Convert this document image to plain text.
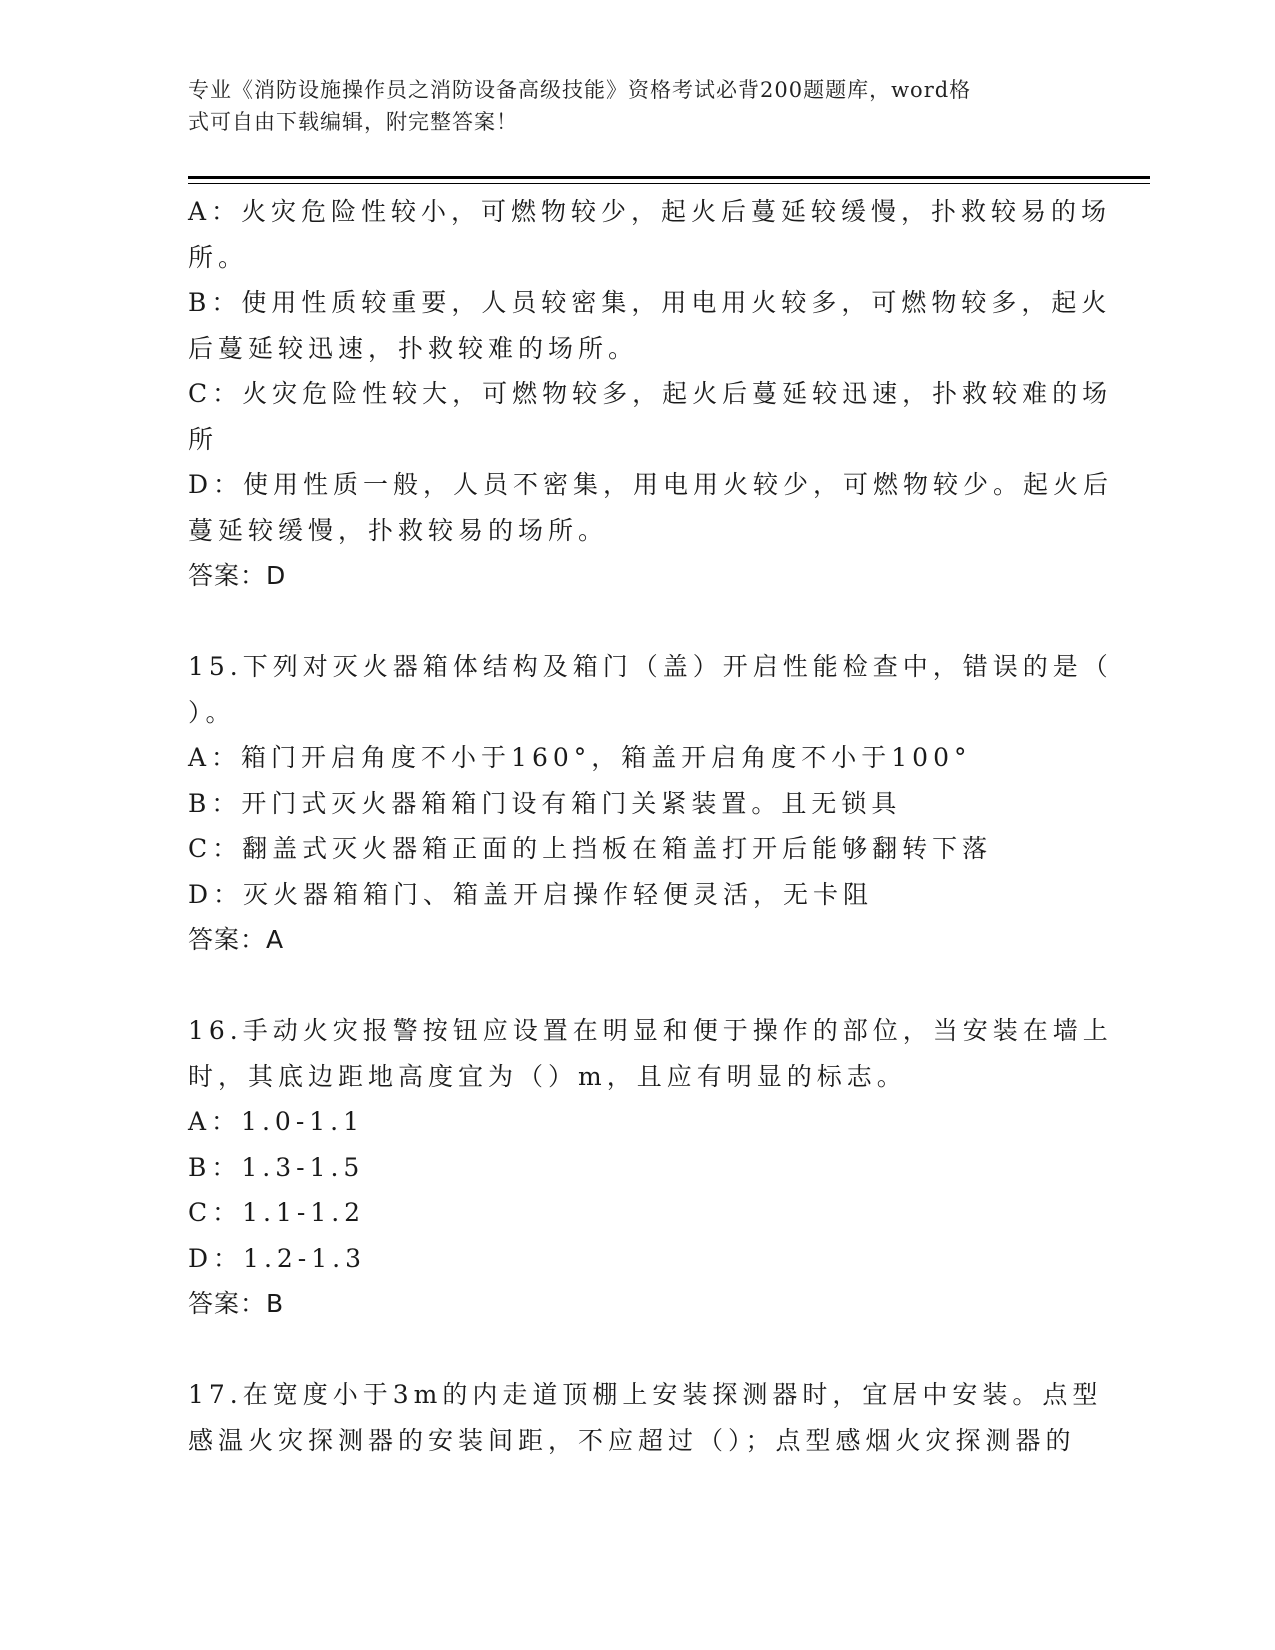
专业《消防设施操作员之消防设备高级技能》资格考试必背200题题库，word格
式可自由下载编辑，附完整答案！
A：火灾危险性较小，可燃物较少，起火后蔓延较缓慢，扑救较易的场
所。
B：使用性质较重要，人员较密集，用电用火较多，可燃物较多，起火
后蔓延较迅速，扑救较难的场所。
C：火灾危险性较大，可燃物较多，起火后蔓延较迅速，扑救较难的场
所
D：使用性质一般，人员不密集，用电用火较少，可燃物较少。起火后
蔓延较缓慢，扑救较易的场所。
答案：D
15.下列对灭火器箱体结构及箱门（盖）开启性能检查中，错误的是（
）。
A：箱门开启角度不小于160°，箱盖开启角度不小于100°
B：开门式灭火器箱箱门设有箱门关紧装置。且无锁具
C：翻盖式灭火器箱正面的上挡板在箱盖打开后能够翻转下落
D：灭火器箱箱门、箱盖开启操作轻便灵活，无卡阻
答案：A
16.手动火灾报警按钮应设置在明显和便于操作的部位，当安装在墙上
时，其底边距地高度宜为（）m，且应有明显的标志。
A：1.0-1.1
B：1.3-1.5
C：1.1-1.2
D：1.2-1.3
答案：B
17.在宽度小于3m的内走道顶棚上安装探测器时，宜居中安装。点型
感温火灾探测器的安装间距，不应超过（）；点型感烟火灾探测器的
